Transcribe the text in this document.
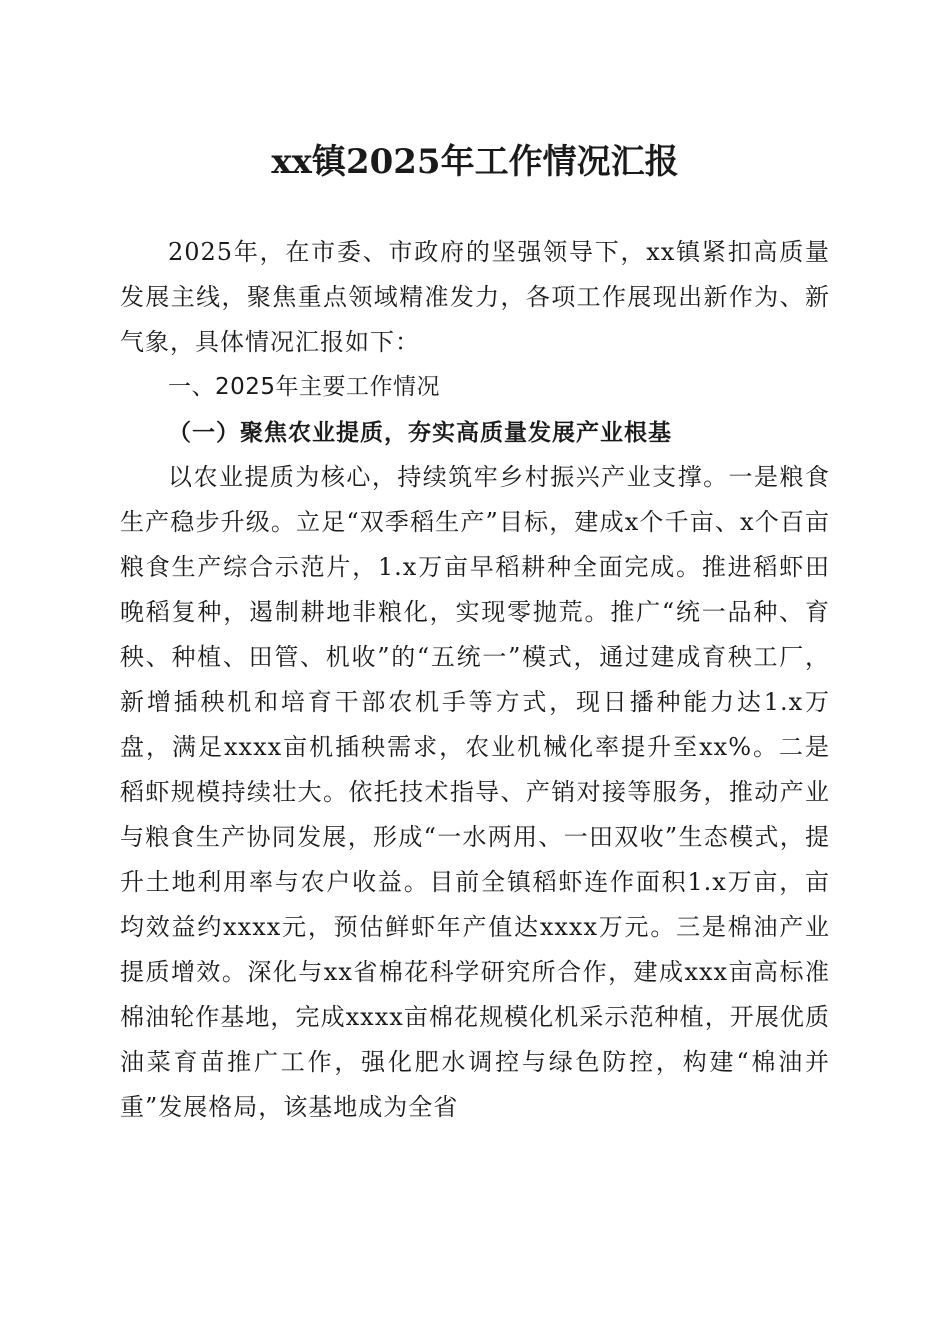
xx镇2025年工作情况汇报

2025年，在市委、市政府的坚强领导下，xx镇紧扣高质量发展主线，聚焦重点领域精准发力，各项工作展现出新作为、新气象，具体情况汇报如下：

一、2025年主要工作情况

（一）聚焦农业提质，夯实高质量发展产业根基

以农业提质为核心，持续筑牢乡村振兴产业支撑。一是粮食生产稳步升级。立足“双季稻生产”目标，建成x个千亩、x个百亩粮食生产综合示范片，1.x万亩早稻耕种全面完成。推进稻虾田晚稻复种，遏制耕地非粮化，实现零抛荒。推广“统一品种、育秧、种植、田管、机收”的“五统一”模式，通过建成育秧工厂，新增插秧机和培育干部农机手等方式，现日播种能力达1.x万盘，满足xxxx亩机插秧需求，农业机械化率提升至xx%。二是稻虾规模持续壮大。依托技术指导、产销对接等服务，推动产业与粮食生产协同发展，形成“一水两用、一田双收”生态模式，提升土地利用率与农户收益。目前全镇稻虾连作面积1.x万亩，亩均效益约xxxx元，预估鲜虾年产值达xxxx万元。三是棉油产业提质增效。深化与xx省棉花科学研究所合作，建成xxx亩高标准棉油轮作基地，完成xxxx亩棉花规模化机采示范种植，开展优质油菜育苗推广工作，强化肥水调控与绿色防控，构建“棉油并重”发展格局，该基地成为全省
